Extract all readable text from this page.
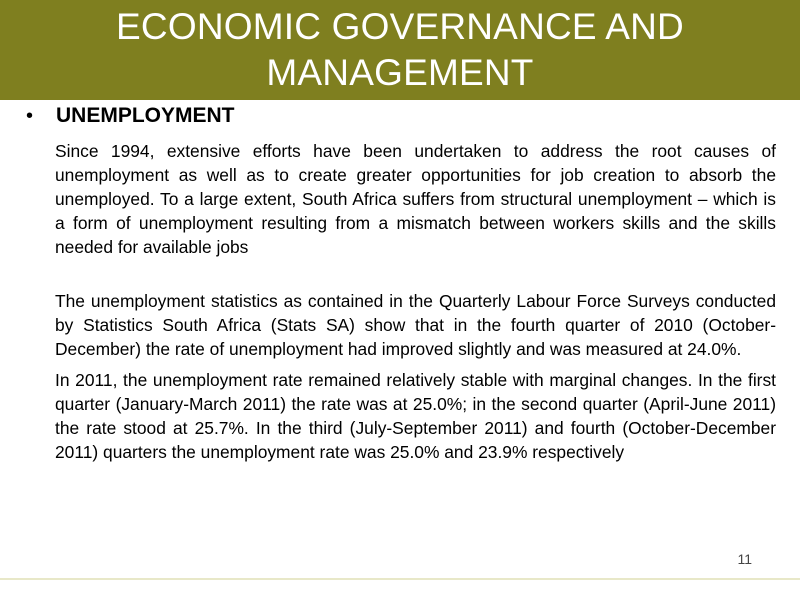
ECONOMIC GOVERNANCE AND MANAGEMENT
•	UNEMPLOYMENT
Since 1994, extensive efforts have been undertaken to address the root causes of unemployment as well as to create greater opportunities for job creation to absorb the unemployed. To a large extent, South Africa suffers from structural unemployment – which is a form of unemployment resulting from a mismatch between workers skills and the skills needed for available jobs
The unemployment statistics as contained in the Quarterly Labour Force Surveys conducted by Statistics South Africa (Stats SA) show that in the fourth quarter of 2010 (October-December) the rate of unemployment had improved slightly and was measured at 24.0%.
In 2011, the unemployment rate remained relatively stable with marginal changes. In the first quarter (January-March 2011) the rate was at 25.0%; in the second quarter (April-June 2011) the rate stood at 25.7%. In the third (July-September 2011) and fourth (October-December 2011) quarters the unemployment rate was 25.0% and 23.9% respectively
11
